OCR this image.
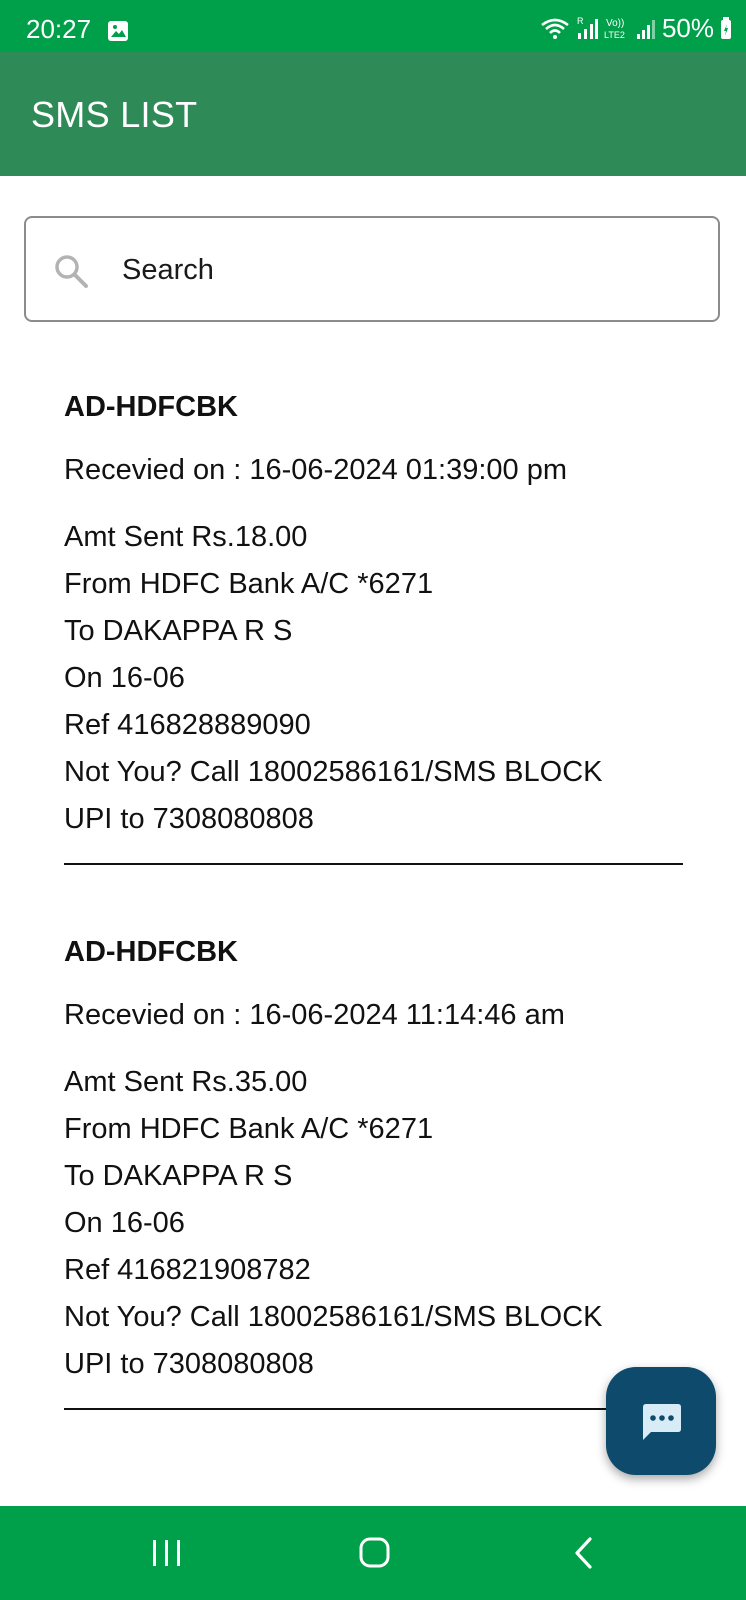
20:27	R Vo))
LTE2 50%
SMS LIST
Search
AD-HDFCBK
Recevied on : 16-06-2024 01:39:00 pm
Amt Sent Rs.18.00
From HDFC Bank A/C *6271
To DAKAPPA R S
On 16-06
Ref 416828889090
Not You? Call 18002586161/SMS BLOCK
UPI to 7308080808
AD-HDFCBK
Recevied on : 16-06-2024 11:14:46 am
Amt Sent Rs.35.00
From HDFC Bank A/C *6271
To DAKAPPA R S
On 16-06
Ref 416821908782
Not You? Call 18002586161/SMS BLOCK
UPI to 7308080808
